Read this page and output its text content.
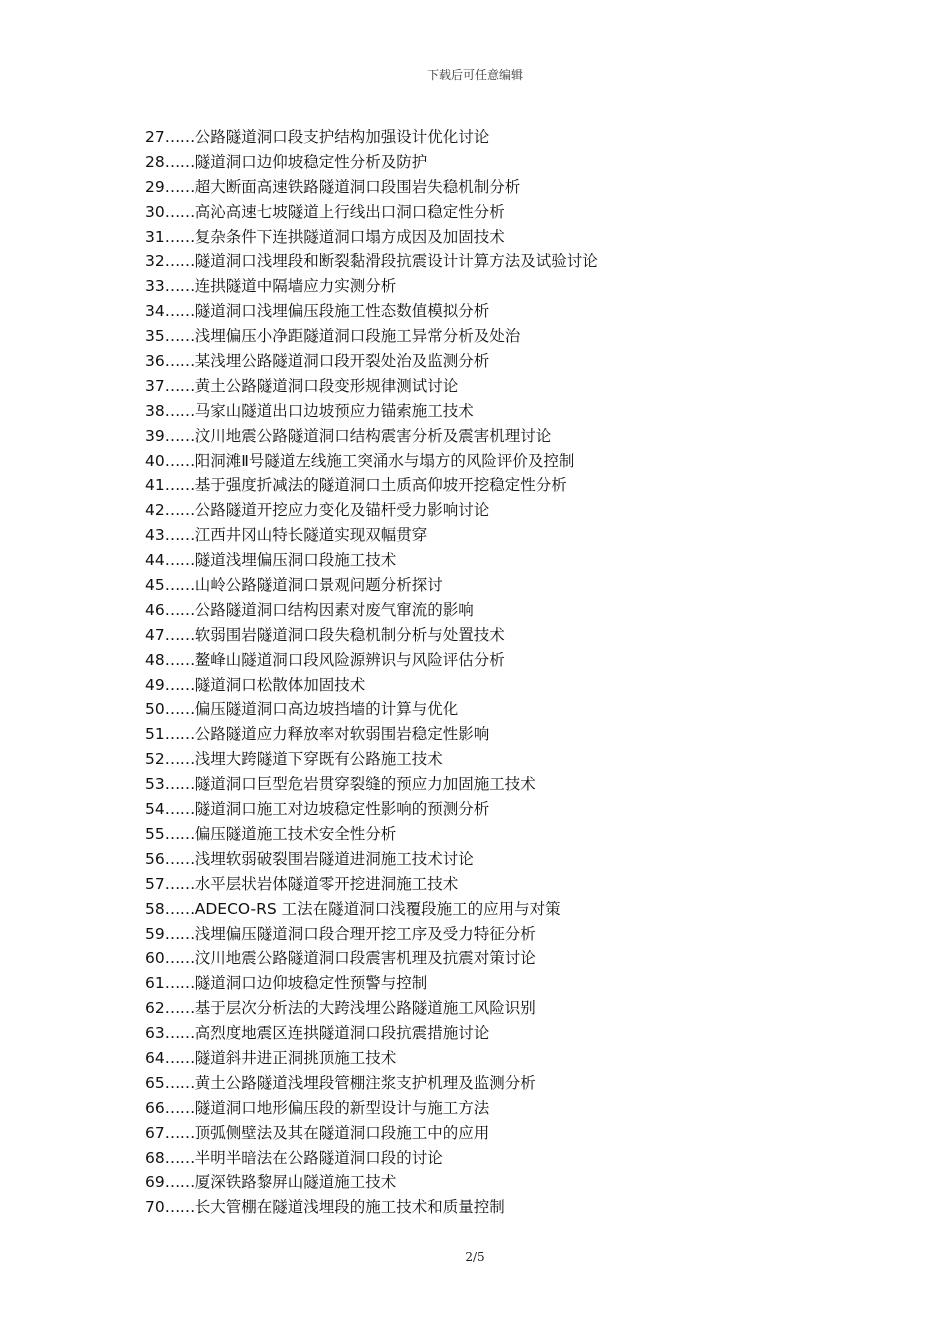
下载后可任意编辑
27……公路隧道洞口段支护结构加强设计优化讨论
28……隧道洞口边仰坡稳定性分析及防护
29……超大断面高速铁路隧道洞口段围岩失稳机制分析
30……高沁高速七坡隧道上行线出口洞口稳定性分析
31……复杂条件下连拱隧道洞口塌方成因及加固技术
32……隧道洞口浅埋段和断裂黏滑段抗震设计计算方法及试验讨论
33……连拱隧道中隔墙应力实测分析
34……隧道洞口浅埋偏压段施工性态数值模拟分析
35……浅埋偏压小净距隧道洞口段施工异常分析及处治
36……某浅埋公路隧道洞口段开裂处治及监测分析
37……黄土公路隧道洞口段变形规律测试讨论
38……马家山隧道出口边坡预应力锚索施工技术
39……汶川地震公路隧道洞口结构震害分析及震害机理讨论
40……阳洞滩Ⅱ号隧道左线施工突涌水与塌方的风险评价及控制
41……基于强度折减法的隧道洞口土质高仰坡开挖稳定性分析
42……公路隧道开挖应力变化及锚杆受力影响讨论
43……江西井冈山特长隧道实现双幅贯穿
44……隧道浅埋偏压洞口段施工技术
45……山岭公路隧道洞口景观问题分析探讨
46……公路隧道洞口结构因素对废气窜流的影响
47……软弱围岩隧道洞口段失稳机制分析与处置技术
48……鳌峰山隧道洞口段风险源辨识与风险评估分析
49……隧道洞口松散体加固技术
50……偏压隧道洞口高边坡挡墙的计算与优化
51……公路隧道应力释放率对软弱围岩稳定性影响
52……浅埋大跨隧道下穿既有公路施工技术
53……隧道洞口巨型危岩贯穿裂缝的预应力加固施工技术
54……隧道洞口施工对边坡稳定性影响的预测分析
55……偏压隧道施工技术安全性分析
56……浅埋软弱破裂围岩隧道进洞施工技术讨论
57……水平层状岩体隧道零开挖进洞施工技术
58……ADECO-RS 工法在隧道洞口浅覆段施工的应用与对策
59……浅埋偏压隧道洞口段合理开挖工序及受力特征分析
60……汶川地震公路隧道洞口段震害机理及抗震对策讨论
61……隧道洞口边仰坡稳定性预警与控制
62……基于层次分析法的大跨浅埋公路隧道施工风险识别
63……高烈度地震区连拱隧道洞口段抗震措施讨论
64……隧道斜井进正洞挑顶施工技术
65……黄土公路隧道浅埋段管棚注浆支护机理及监测分析
66……隧道洞口地形偏压段的新型设计与施工方法
67……顶弧侧壁法及其在隧道洞口段施工中的应用
68……半明半暗法在公路隧道洞口段的讨论
69……厦深铁路黎屏山隧道施工技术
70……长大管棚在隧道浅埋段的施工技术和质量控制
2/5
